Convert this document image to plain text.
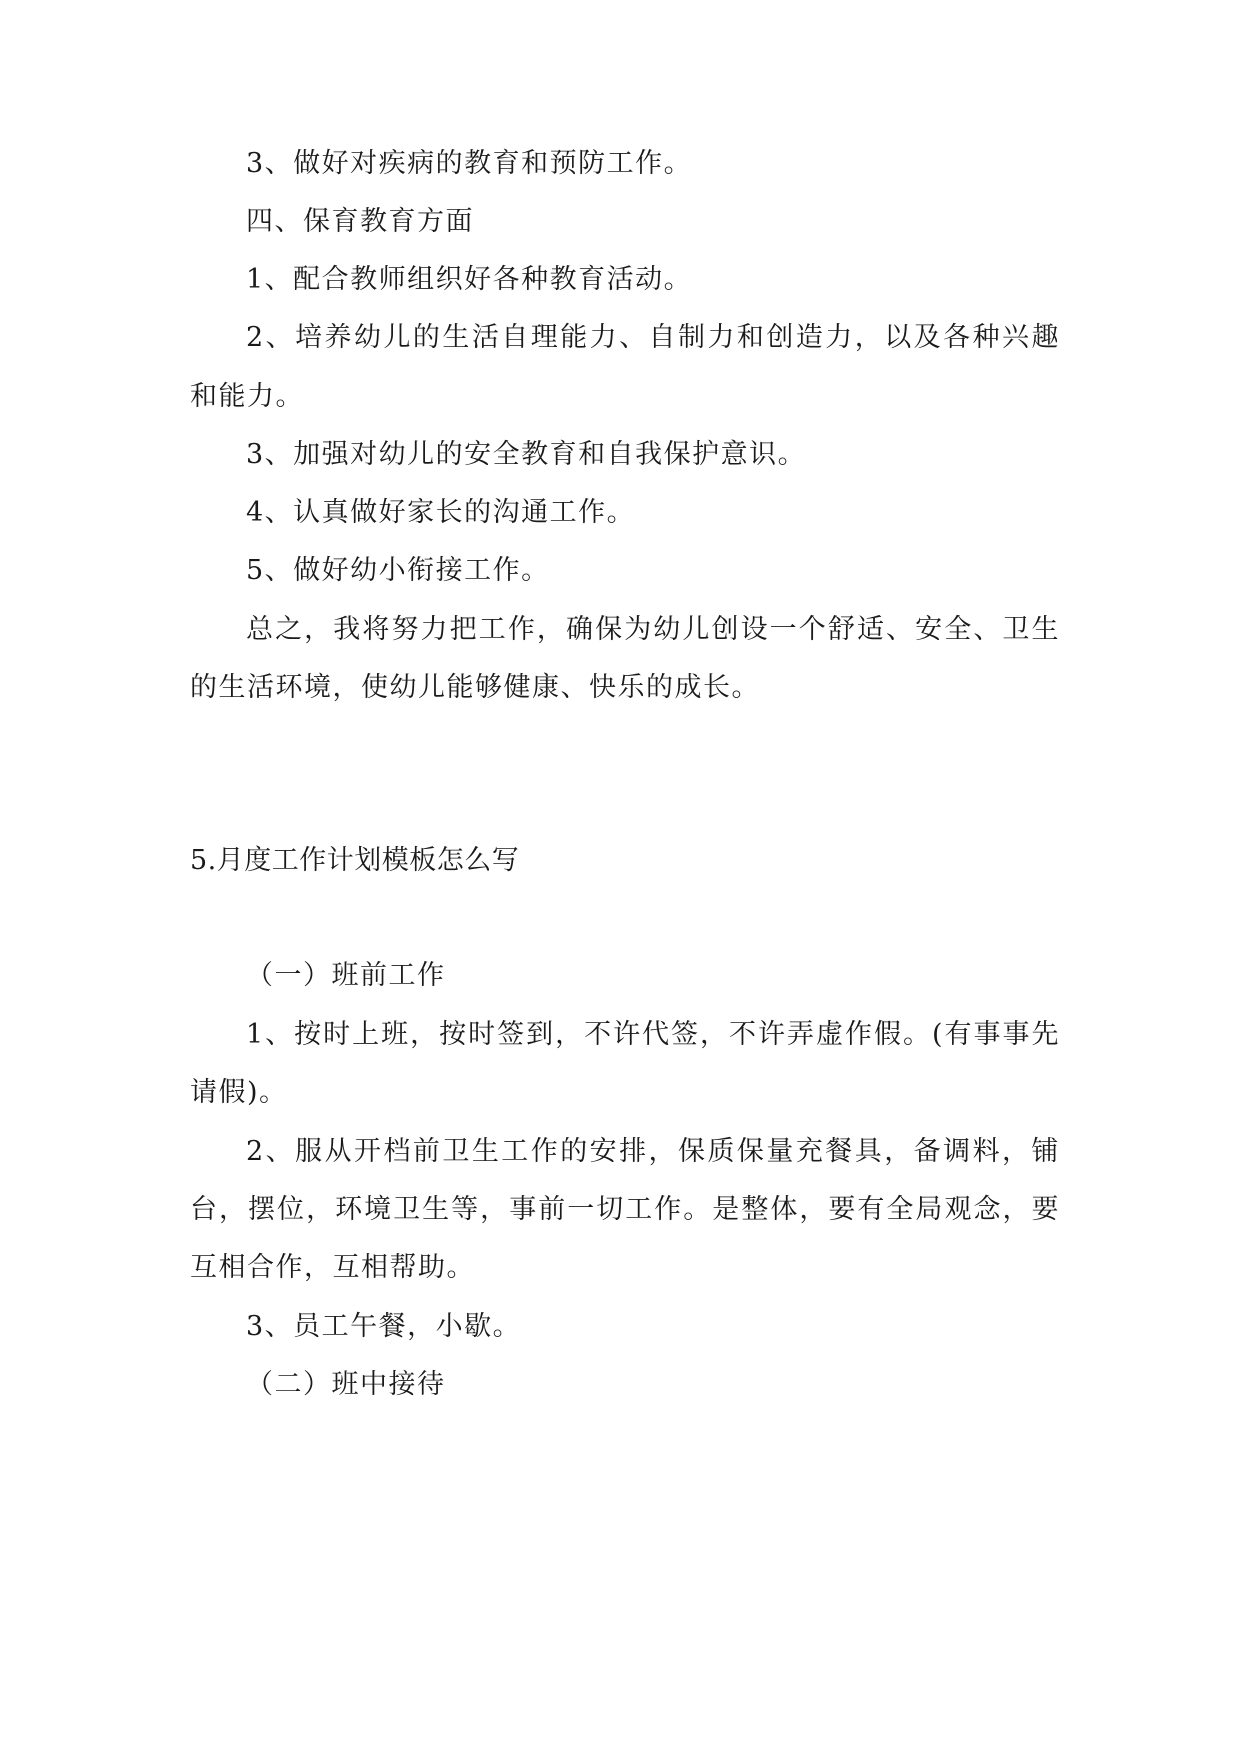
3、做好对疾病的教育和预防工作。
四、保育教育方面
1、配合教师组织好各种教育活动。
2、培养幼儿的生活自理能力、自制力和创造力，以及各种兴趣
和能力。
3、加强对幼儿的安全教育和自我保护意识。
4、认真做好家长的沟通工作。
5、做好幼小衔接工作。
总之，我将努力把工作，确保为幼儿创设一个舒适、安全、卫生
的生活环境，使幼儿能够健康、快乐的成长。
5.月度工作计划模板怎么写
（一）班前工作
1、按时上班，按时签到，不许代签，不许弄虚作假。(有事事先
请假)。
2、服从开档前卫生工作的安排，保质保量充餐具，备调料，铺
台，摆位，环境卫生等，事前一切工作。是整体，要有全局观念，要
互相合作，互相帮助。
3、员工午餐，小歇。
（二）班中接待
